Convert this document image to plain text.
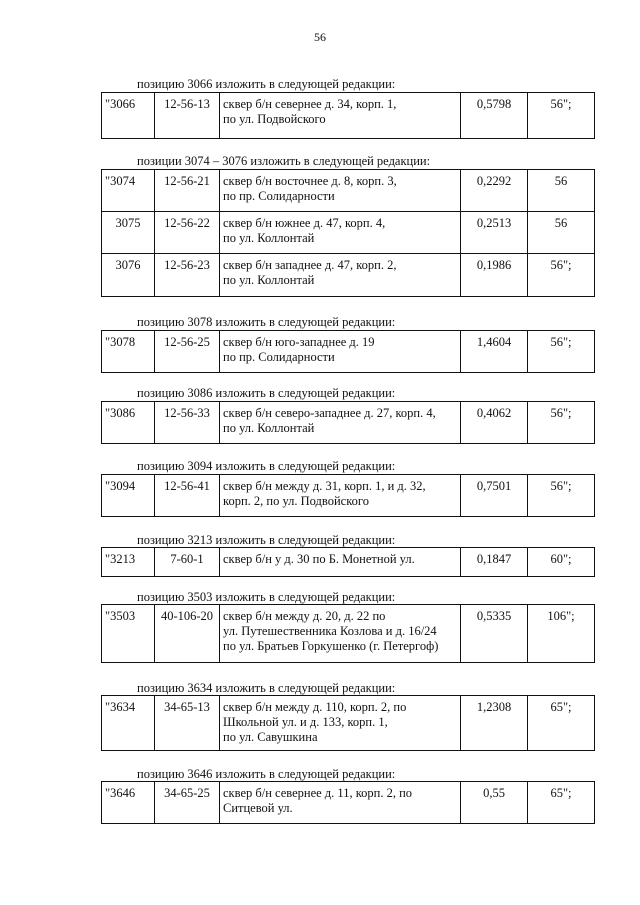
56
позицию 3066 изложить в следующей редакции:
"3066	12-56-13	сквер б/н севернее д. 34, корп. 1,
по ул. Подвойского
	0,5798	56";
позиции 3074 – 3076 изложить в следующей редакции:
"3074	12-56-21	сквер б/н восточнее д. 8, корп. 3,
по пр. Солидарности	0,2292	56
3075	12-56-22	сквер б/н южнее д. 47, корп. 4,
по ул. Коллонтай	0,2513	56
3076	12-56-23	сквер б/н западнее д. 47, корп. 2,
по ул. Коллонтай	0,1986	56";
позицию 3078 изложить в следующей редакции:
"3078	12-56-25	сквер б/н юго-западнее д. 19
по пр. Солидарности
	1,4604	56";
позицию 3086 изложить в следующей редакции:
"3086	12-56-33	сквер б/н северо-западнее д. 27, корп. 4,
по ул. Коллонтай
	0,4062	56";
позицию 3094 изложить в следующей редакции:
"3094	12-56-41	сквер б/н между д. 31, корп. 1, и д. 32,
корп. 2, по ул. Подвойского
	0,7501	56";
позицию 3213 изложить в следующей редакции:
"3213	7-60-1	сквер б/н у д. 30 по Б. Монетной ул.	0,1847	60";
позицию 3503 изложить в следующей редакции:
"3503	40-106-20	сквер б/н между д. 20, д. 22 по
ул. Путешественника Козлова и д. 16/24
по ул. Братьев Горкушенко (г. Петергоф)
	0,5335	106";
позицию 3634 изложить в следующей редакции:
"3634	34-65-13	сквер б/н между д. 110, корп. 2, по
Школьной ул. и д. 133, корп. 1,
по ул. Савушкина
	1,2308	65";
позицию 3646 изложить в следующей редакции:
"3646	34-65-25	сквер б/н севернее д. 11, корп. 2, по
Ситцевой ул.
	0,55	65";
